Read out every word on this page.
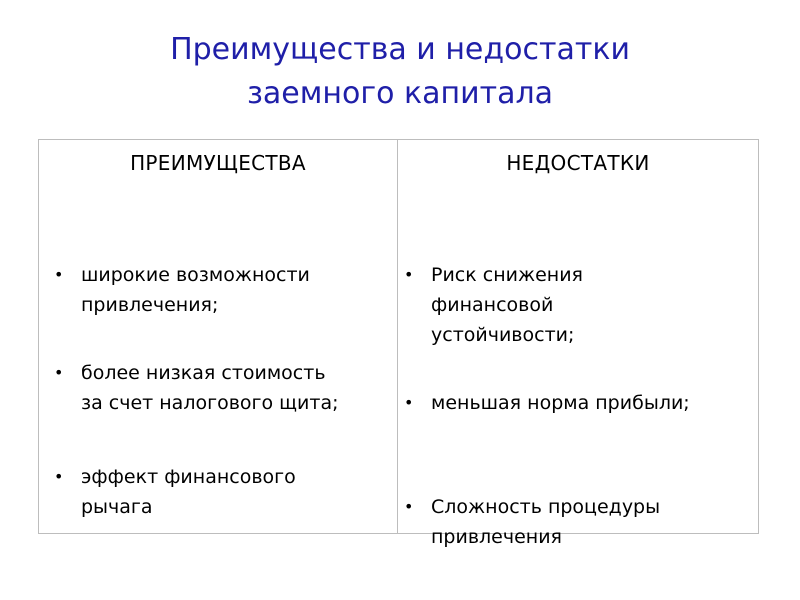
Преимущества и недостатки
заемного капитала
ПРЕИМУЩЕСТВА
• широкие возможности
привлечения;
• более низкая стоимость
за счет налогового щита;
• эффект финансового
рычага
НЕДОСТАТКИ
• Риск снижения
финансовой
устойчивости;
• меньшая норма прибыли;
• Сложность процедуры
привлечения
